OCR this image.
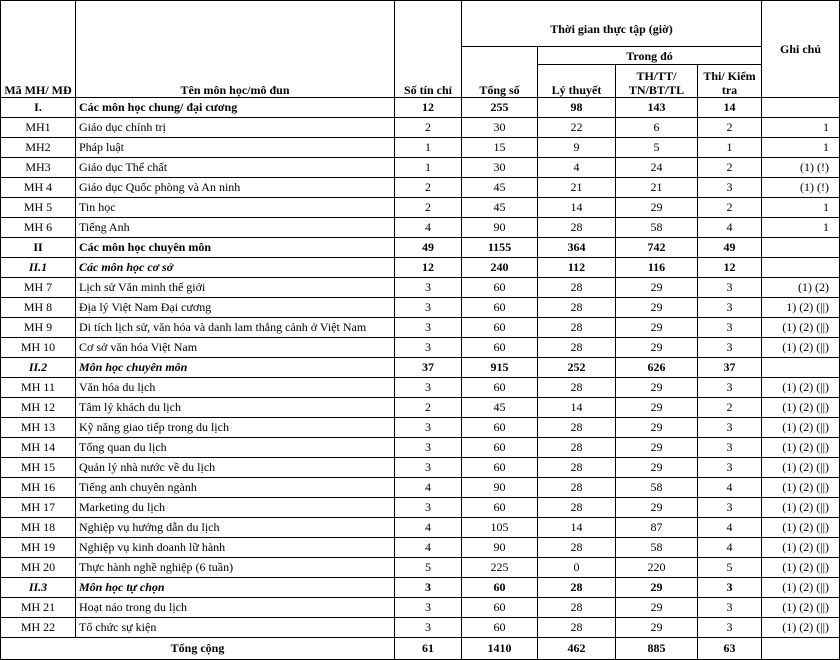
Mã MH/ MĐ	Tên môn học/mô đun	Số tín chỉ	Thời gian thực tập (giờ)				Ghi chú
			Tổng số	Trong đó			
				Lý thuyết	TH/TT/ TN/BT/TL	Thi/ Kiểm tra	
I.	Các môn học chung/ đại cương	12	255	98	143	14	
MH1	Giáo dục chính trị	2	30	22	6	2	1
MH2	Pháp luật	1	15	9	5	1	1
MH3	Giáo dục Thể chất	1	30	4	24	2	(1) (!)
MH 4	Giáo dục Quốc phòng và An ninh	2	45	21	21	3	(1) (!)
MH 5	Tin học	2	45	14	29	2	1
MH 6	Tiếng Anh	4	90	28	58	4	1
II	Các môn học chuyên môn	49	1155	364	742	49	
II.1	Các môn học cơ sở	12	240	112	116	12	
MH 7	Lịch sử Văn minh thế giới	3	60	28	29	3	(1) (2)
MH 8	Địa lý Việt Nam Đại cương	3	60	28	29	3	1) (2) (||)
MH 9	Di tích lịch sử, văn hóa và danh lam thắng cảnh ở Việt Nam	3	60	28	29	3	(1) (2) (||)
MH 10	Cơ sở văn hóa Việt Nam	3	60	28	29	3	(1) (2) (||)
II.2	Môn học chuyên môn	37	915	252	626	37	
MH 11	Văn hóa du lịch	3	60	28	29	3	(1) (2) (||)
MH 12	Tâm lý khách du lịch	2	45	14	29	2	(1) (2) (||)
MH 13	Kỹ năng giao tiếp trong du lịch	3	60	28	29	3	(1) (2) (||)
MH 14	Tổng quan du lịch	3	60	28	29	3	(1) (2) (||)
MH 15	Quản lý nhà nước về du lịch	3	60	28	29	3	(1) (2) (||)
MH 16	Tiếng anh chuyên ngành	4	90	28	58	4	(1) (2) (||)
MH 17	Marketing du lịch	3	60	28	29	3	(1) (2) (||)
MH 18	Nghiệp vụ hướng dẫn du lịch	4	105	14	87	4	(1) (2) (||)
MH 19	Nghiệp vụ kinh doanh lữ hành	4	90	28	58	4	(1) (2) (||)
MH 20	Thực hành nghề nghiệp (6 tuần)	5	225	0	220	5	(1) (2) (||)
II.3	Môn học tự chọn	3	60	28	29	3	(1) (2) (||)
MH 21	Hoạt náo trong du lịch	3	60	28	29	3	(1) (2) (||)
MH 22	Tổ chức sự kiện	3	60	28	29	3	(1) (2) (||)
Tổng cộng		61	1410	462	885	63	
